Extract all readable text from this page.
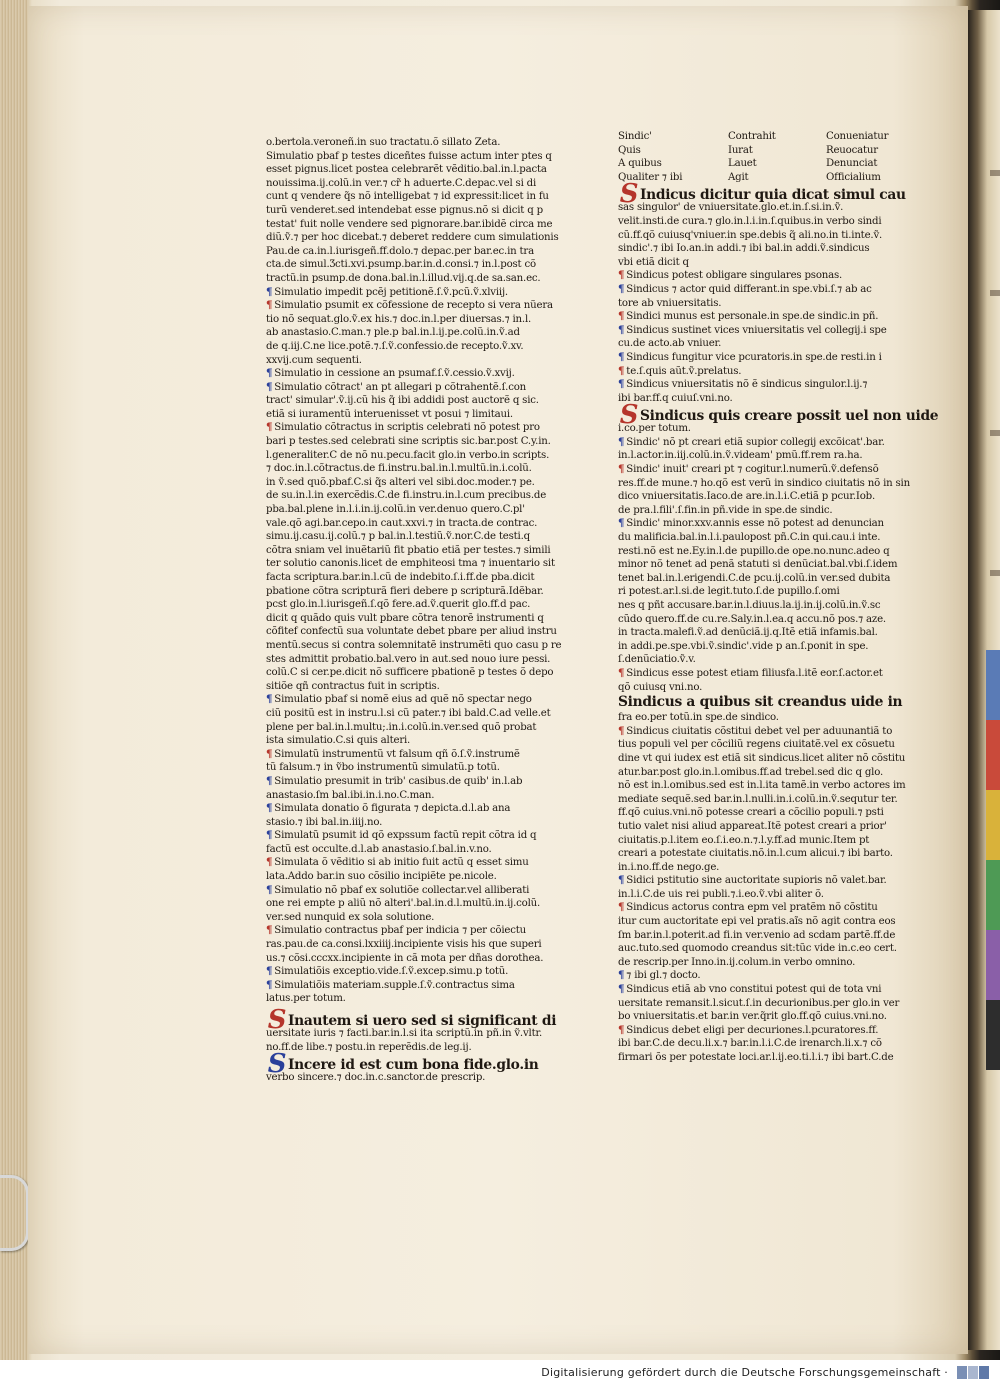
o.bertola.veroneñ.in suo tractatu.õ sillato Zeta.
Simulatio pbaf p testes diceñtes fuisse actum inter ptes q
esset pignus.licet postea celebrarẽt vẽditio.bal.in.l.pacta
nouissima.ij.colũ.in ver.⁊ cr̃ h aduerte.C.depac.vel si di
cunt q vendere q̃s nõ intelligebat ⁊ id expressit:licet in fu
turũ venderet.sed intendebat esse pignus.nõ si dicit q p
testat' fuit nolle vendere sed pignorare.bar.ibidẽ circa me
diũ.ṽ.⁊ per hoc dicebat.⁊ deberet reddere cum simulationis
Pau.de ca.in.l.iurisgeñ.ff.dolo.⁊ depac.per bar.ec.in tra
cta.de simul.Ʒcti.xvi.psump.bar.in.d.consi.⁊ in.l.post cõ
tractũ.in psump.de dona.bal.in.l.illud.vij.q.de sa.san.ec.
¶ Simulatio impedit pcẽj petitionẽ.ſ.ṽ.pcũ.ṽ.xlviij.
¶ Simulatio psumit ex cõfessione de recepto si vera nũera
tio nõ sequat.glo.ṽ.ex his.⁊ doc.in.l.per diuersas.⁊ in.l.
ab anastasio.C.man.⁊ ple.p bal.in.l.ij.pe.colũ.in.ṽ.ad
de q.iij.C.ne lice.potẽ.⁊.ſ.ṽ.confessio.de recepto.ṽ.xv.
xxvij.cum sequenti.
¶ Simulatio in cessione an psumaf.ſ.ṽ.cessio.ṽ.xvij.
¶ Simulatio cõtract' an pt allegari p cõtrahentẽ.ſ.con
tract' simular'.ṽ.ij.cũ his q̃ ibi addidi post auctorẽ q sic.
etiã si iuramentũ interuenisset vt posui ⁊ limitaui.
¶ Simulatio cõtractus in scriptis celebrati nõ potest pro
bari p testes.sed celebrati sine scriptis sic.bar.post C.y.in.
l.generaliter.C de nõ nu.pecu.facit glo.in verbo.in scripts.
⁊ doc.in.l.cõtractus.de fi.instru.bal.in.l.multũ.in.i.colũ.
in ṽ.sed quõ.pbaf.C.si q̃s alteri vel sibi.doc.moder.⁊ pe.
de su.in.l.in exercẽdis.C.de fi.instru.in.l.cum precibus.de
pba.bal.plene in.l.i.in.ij.colũ.in ver.denuo quero.C.pl'
vale.qõ agi.bar.cepo.in caut.xxvi.⁊ in tracta.de contrac.
simu.ij.casu.ij.colũ.⁊ p bal.in.l.testiũ.ṽ.nor.C.de testi.q
cõtra sniam vel inuẽtariũ fit pbatio etiã per testes.⁊ simili
ter solutio canonis.licet de emphiteosi tma ⁊ inuentario sit
facta scriptura.bar.in.l.cũ de indebito.ſ.i.ff.de pba.dicit
pbatione cõtra scripturã fieri debere p scripturã.Idẽbar.
pcst glo.in.l.iurisgeñ.ſ.qõ fere.ad.ṽ.querit glo.ff.d pac.
dicit q quãdo quis vult pbare cõtra tenorẽ instrumenti q
cõfitef confectũ sua voluntate debet pbare per aliud instru
mentũ.secus si contra solemnitatẽ instrumẽti quo casu p re
stes admittit probatio.bal.vero in aut.sed nouo iure pessi.
colũ.C si cer.pe.dicit nõ sufficere pbationẽ p testes õ depo
sitiõe qñ contractus fuit in scriptis.
¶ Simulatio pbaf si nomẽ eius ad quẽ nõ spectar nego
ciũ positũ est in instru.l.si cũ pater.⁊ ibi bald.C.ad velle.et
plene per bal.in.l.multu;.in.i.colũ.in.ver.sed quõ probat
ista simulatio.C.si quis alteri.
¶ Simulatũ instrumentũ vt falsum qñ õ.ſ.ṽ.instrumẽ
tũ falsum.⁊ in ṽbo instrumentũ simulatũ.p totũ.
¶ Simulatio presumit in trib' casibus.de quib' in.l.ab
anastasio.ſm bal.ibi.in.i.no.C.man.
¶ Simulata donatio õ figurata ⁊ depicta.d.l.ab ana
stasio.⁊ ibi bal.in.iiij.no.
¶ Simulatũ psumit id qõ expssum factũ repit cõtra id q
factũ est occulte.d.l.ab anastasio.ſ.bal.in.v.no.
¶ Simulata õ vẽditio si ab initio fuit actũ q esset simu
lata.Addo bar.in suo cõsilio incipiẽte pe.nicole.
¶ Simulatio nõ pbaf ex solutiõe collectar.vel alliberati
one rei empte p aliũ nõ alteri'.bal.in.d.l.multũ.in.ij.colũ.
ver.sed nunquid ex sola solutione.
¶ Simulatio contractus pbaf per indicia ⁊ per cõiectu
ras.pau.de ca.consi.lxxiiij.incipiente visis his que superi
us.⁊ cõsi.cccxx.incipiente in cã mota per dñas dorothea.
¶ Simulatiõis exceptio.vide.ſ.ṽ.excep.simu.p totũ.
¶ Simulatiõis materiam.supple.ſ.ṽ.contractus sima
latus.per totum.
S Inautem si uero sed si significant di
uersitate iuris ⁊ facti.bar.in.l.si ita scriptũ.in pñ.in ṽ.vltr.
no.ff.de libe.⁊ postu.in reperẽdis.de leg.ij.
S Incere id est cum bona fide.glo.in
verbo sincere.⁊ doc.in.c.sanctor.de prescrip.
Sindic'	Contrahit	Conueniatur
Quis	Iurat	Reuocatur
A quibus	Lauet	Denunciat
Qualiter ⁊ ibi	Agit	Officialium
S Indicus dicitur quia dicat simul cau
sas singulor' de vniuersitate.glo.et.in.ſ.si.in.ṽ.
velit.insti.de cura.⁊ glo.in.l.i.in.ſ.quibus.in verbo sindi
cũ.ff.qõ cuiusq'vniuer.in spe.debis q̃ ali.no.in ti.inte.ṽ.
sindic'.⁊ ibi Io.an.in addi.⁊ ibi bal.in addi.ṽ.sindicus
vbi etiã dicit q
¶ Sindicus potest obligare singulares psonas.
¶ Sindicus ⁊ actor quid differant.in spe.vbi.ſ.⁊ ab ac
tore ab vniuersitatis.
¶ Sindici munus est personale.in spe.de sindic.in pñ.
¶ Sindicus sustinet vices vniuersitatis vel collegij.i spe
cu.de acto.ab vniuer.
¶ Sindicus fungitur vice pcuratoris.in spe.de resti.in i
¶ te.ſ.quis aũt.ṽ.prelatus.
¶ Sindicus vniuersitatis nõ ẽ sindicus singulor.l.ij.⁊
ibi bar.ff.q cuiuſ.vni.no.
S Sindicus quis creare possit uel non uide
i.co.per totum.
¶ Sindic' nõ pt creari etiã supior collegij excõicat'.bar.
in.l.actor.in.iij.colũ.in.ṽ.videam' pmũ.ff.rem ra.ha.
¶ Sindic' inuit' creari pt ⁊ cogitur.l.numerũ.ṽ.defensõ
res.ff.de mune.⁊ ho.qõ est verũ in sindico ciuitatis nõ in sin
dico vniuersitatis.Iaco.de are.in.l.i.C.etiã p pcur.Iob.
de pra.l.fili'.ſ.fin.in pñ.vide in spe.de sindic.
¶ Sindic' minor.xxv.annis esse nõ potest ad denuncian
du malificia.bal.in.l.i.paulopost pñ.C.in qui.cau.i inte.
resti.nõ est ne.Ey.in.l.de pupillo.de ope.no.nunc.adeo q
minor nõ tenet ad penã statuti si denũciat.bal.vbi.ſ.idem
tenet bal.in.l.erigendi.C.de pcu.ij.colũ.in ver.sed dubita
ri potest.ar.l.si.de legit.tuto.ſ.de pupillo.ſ.omi
nes q pñt accusare.bar.in.l.diuus.la.ij.in.ij.colũ.in.ṽ.sc
cũdo quero.ff.de cu.re.Saly.in.l.ea.q accu.nõ pos.⁊ aze.
in tracta.malefi.ṽ.ad denũciã.ij.q.Itẽ etiã infamis.bal.
in addi.pe.spe.vbi.ṽ.sindic'.vide p an.ſ.ponit in spe.
ſ.denũciatio.ṽ.v.
¶ Sindicus esse potest etiam filiusfa.l.itẽ eor.ſ.actor.et
qõ cuiusq vni.no.
Sindicus a quibus sit creandus uide in
fra eo.per totũ.in spe.de sindico.
¶ Sindicus ciuitatis cõstitui debet vel per aduunantiã to
tius populi vel per cõciliũ regens ciuitatẽ.vel ex cõsuetu
dine vt qui iudex est etiã sit sindicus.licet aliter nõ cõstitu
atur.bar.post glo.in.l.omibus.ff.ad trebel.sed dic q glo.
nõ est in.l.omibus.sed est in.l.ita tamẽ.in verbo actores im
mediate sequẽ.sed bar.in.l.nulli.in.i.colũ.in.ṽ.sequtur ter.
ff.qõ cuius.vni.nõ potesse creari a cõcilio populi.⁊ psti
tutio valet nisi aliud appareat.Itẽ potest creari a prior'
ciuitatis.p.l.item eo.ſ.i.eo.n.⁊.l.y.ff.ad munic.Item pt
creari a potestate ciuitatis.nõ.in.l.cum alicui.⁊ ibi barto.
in.i.no.ff.de nego.ge.
¶ Sidici pstitutio sine auctoritate supioris nõ valet.bar.
in.l.i.C.de uis rei publi.⁊.i.eo.ṽ.vbi aliter õ.
¶ Sindicus actorus contra epm vel pratẽm nõ cõstitu
itur cum auctoritate epi vel pratis.aĩs nõ agit contra eos
ſm bar.in.l.poterit.ad fi.in ver.venio ad scdam partẽ.ff.de
auc.tuto.sed quomodo creandus sit:tũc vide in.c.eo cert.
de rescrip.per Inno.in.ij.colum.in verbo omnino.
¶ ⁊ ibi gl.⁊ docto.
¶ Sindicus etiã ab vno constitui potest qui de tota vni
uersitate remansit.l.sicut.ſ.in decurionibus.per glo.in ver
bo vniuersitatis.et bar.in ver.q̃rit glo.ff.qõ cuius.vni.no.
¶ Sindicus debet eligi per decuriones.l.pcuratores.ff.
ibi bar.C.de decu.li.x.⁊ bar.in.l.i.C.de irenarch.li.x.⁊ cõ
firmari õs per potestate loci.ar.l.ij.eo.ti.l.i.⁊ ibi bart.C.de
Digitalisierung gefördert durch die Deutsche Forschungsgemeinschaft ·
